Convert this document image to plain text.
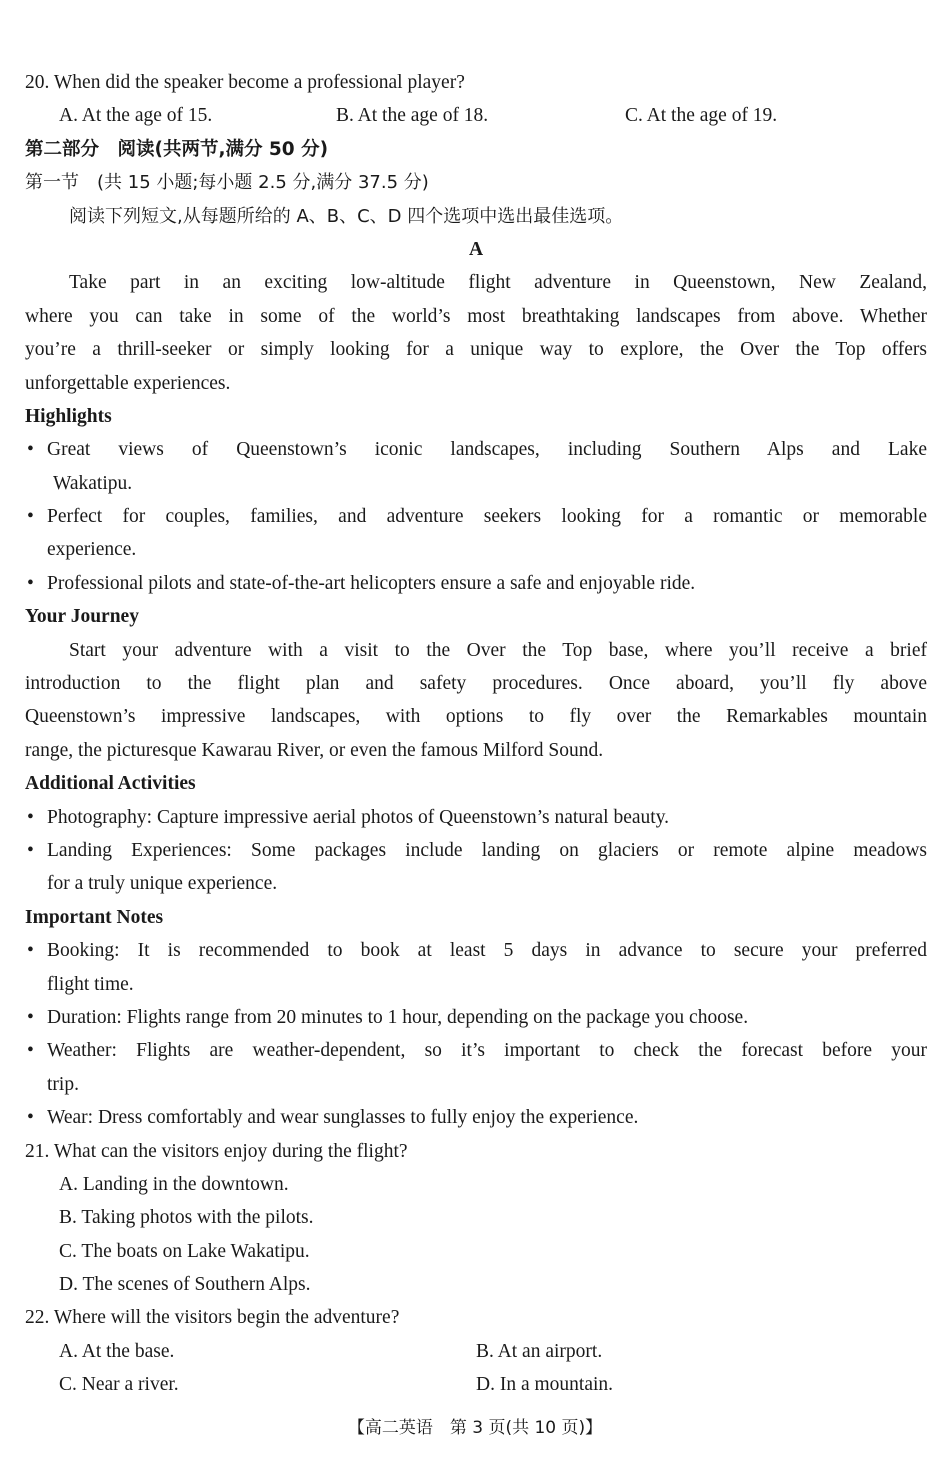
20. When did the speaker become a professional player?
A. At the age of 15.	B. At the age of 18.	C. At the age of 19.
第二部分　阅读(共两节,满分 50 分)
第一节　(共 15 小题;每小题 2.5 分,满分 37.5 分)
阅读下列短文,从每题所给的 A、B、C、D 四个选项中选出最佳选项。
A
Take part in an exciting low-altitude flight adventure in Queenstown, New Zealand,
where you can take in some of the world’s most breathtaking landscapes from above. Whether
you’re a thrill-seeker or simply looking for a unique way to explore, the Over the Top offers
unforgettable experiences.
Highlights
• Great views of Queenstown’s iconic landscapes, including Southern Alps and Lake
Wakatipu.
• Perfect for couples, families, and adventure seekers looking for a romantic or memorable
experience.
• Professional pilots and state-of-the-art helicopters ensure a safe and enjoyable ride.
Your Journey
Start your adventure with a visit to the Over the Top base, where you’ll receive a brief
introduction to the flight plan and safety procedures. Once aboard, you’ll fly above
Queenstown’s impressive landscapes, with options to fly over the Remarkables mountain
range, the picturesque Kawarau River, or even the famous Milford Sound.
Additional Activities
• Photography: Capture impressive aerial photos of Queenstown’s natural beauty.
• Landing Experiences: Some packages include landing on glaciers or remote alpine meadows
for a truly unique experience.
Important Notes
• Booking: It is recommended to book at least 5 days in advance to secure your preferred
flight time.
• Duration: Flights range from 20 minutes to 1 hour, depending on the package you choose.
• Weather: Flights are weather-dependent, so it’s important to check the forecast before your
trip.
• Wear: Dress comfortably and wear sunglasses to fully enjoy the experience.
21. What can the visitors enjoy during the flight?
A. Landing in the downtown.
B. Taking photos with the pilots.
C. The boats on Lake Wakatipu.
D. The scenes of Southern Alps.
22. Where will the visitors begin the adventure?
A. At the base.	B. At an airport.
C. Near a river.	D. In a mountain.
【高二英语　第 3 页(共 10 页)】
